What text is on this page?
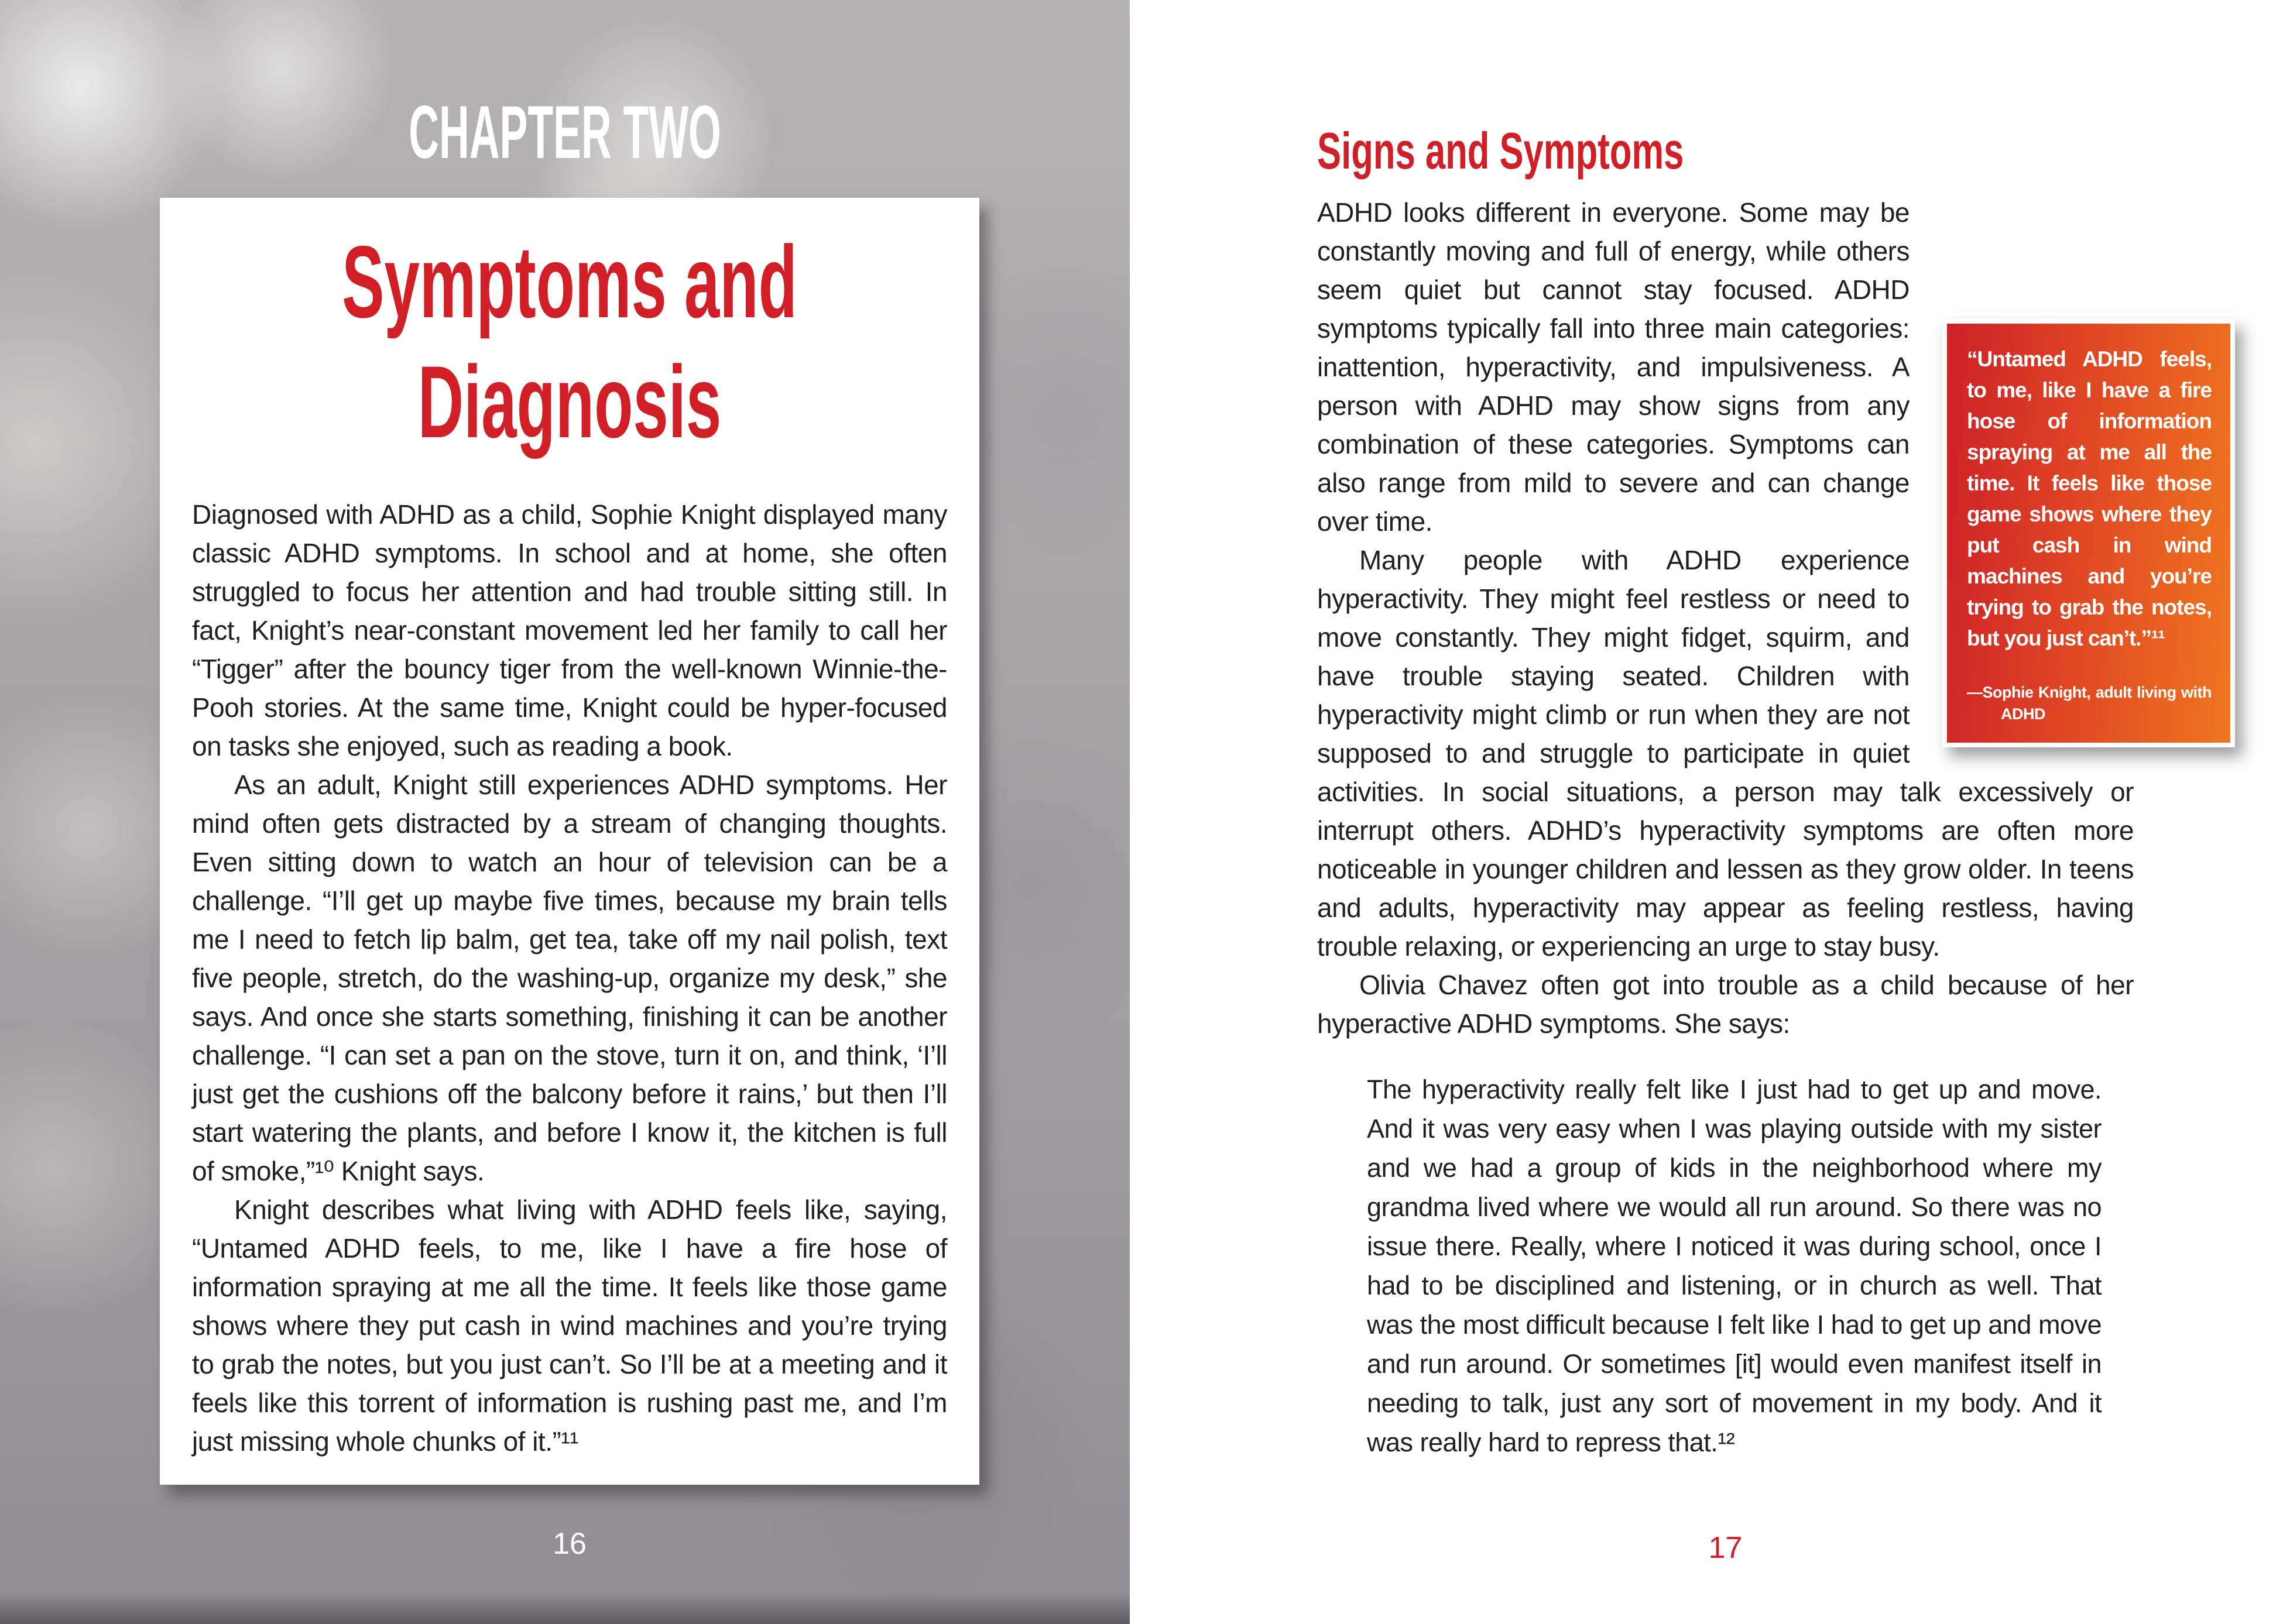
CHAPTER TWO
Symptoms and
Diagnosis

Diagnosed with ADHD as a child, Sophie Knight displayed many classic ADHD symptoms. In school and at home, she often struggled to focus her attention and had trouble sitting still. In fact, Knight’s near-constant movement led her family to call her “Tigger” after the bouncy tiger from the well-known Winnie-the-Pooh stories. At the same time, Knight could be hyper-focused on tasks she enjoyed, such as reading a book.

As an adult, Knight still experiences ADHD symptoms. Her mind often gets distracted by a stream of changing thoughts. Even sitting down to watch an hour of television can be a challenge. “I’ll get up maybe five times, because my brain tells me I need to fetch lip balm, get tea, take off my nail polish, text five people, stretch, do the washing-up, organize my desk,” she says. And once she starts something, finishing it can be another challenge. “I can set a pan on the stove, turn it on, and think, ‘I’ll just get the cushions off the balcony before it rains,’ but then I’ll start watering the plants, and before I know it, the kitchen is full of smoke,”¹⁰ Knight says.

Knight describes what living with ADHD feels like, saying, “Untamed ADHD feels, to me, like I have a fire hose of information spraying at me all the time. It feels like those game shows where they put cash in wind machines and you’re trying to grab the notes, but you just can’t. So I’ll be at a meeting and it feels like this torrent of information is rushing past me, and I’m just missing whole chunks of it.”¹¹

16
Signs and Symptoms

“Untamed ADHD feels, to me, like I have a fire hose of information spraying at me all the time. It feels like those game shows where they put cash in wind machines and you’re trying to grab the notes, but you just can’t.”¹¹
—Sophie Knight, adult living with ADHD
ADHD looks different in everyone. Some may be constantly moving and full of energy, while others seem quiet but cannot stay focused. ADHD symptoms typically fall into three main categories: inattention, hyperactivity, and impulsiveness. A person with ADHD may show signs from any combination of these categories. Symptoms can also range from mild to severe and can change over time.

Many people with ADHD experience hyperactivity. They might feel restless or need to move constantly. They might fidget, squirm, and have trouble staying seated. Children with hyperactivity might climb or run when they are not supposed to and struggle to participate in quiet activities. In social situations, a person may talk excessively or interrupt others. ADHD’s hyperactivity symptoms are often more noticeable in younger children and lessen as they grow older. In teens and adults, hyperactivity may appear as feeling restless, having trouble relaxing, or experiencing an urge to stay busy.

Olivia Chavez often got into trouble as a child because of her hyperactive ADHD symptoms. She says:

The hyperactivity really felt like I just had to get up and move. And it was very easy when I was playing outside with my sister and we had a group of kids in the neighborhood where my grandma lived where we would all run around. So there was no issue there. Really, where I noticed it was during school, once I had to be disciplined and listening, or in church as well. That was the most difficult because I felt like I had to get up and move and run around. Or sometimes [it] would even manifest itself in needing to talk, just any sort of movement in my body. And it was really hard to repress that.¹²
17
